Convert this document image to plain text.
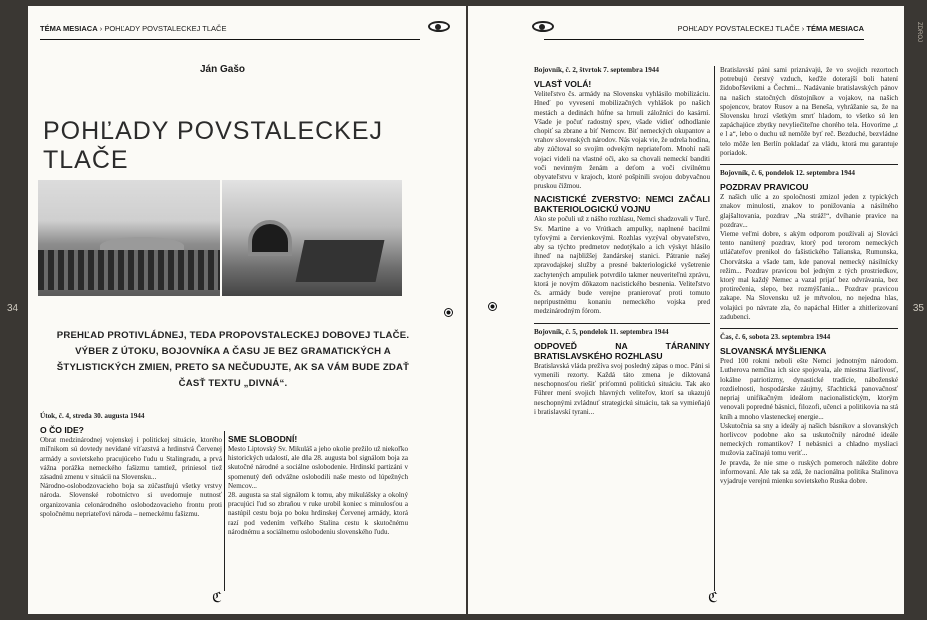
34	35
ZDROJ
TÉMA MESIACA › POHĽADY POVSTALECKEJ TLAČE
Ján Gašo
POHĽADY POVSTALECKEJ TLAČE
PREHĽAD PROTIVLÁDNEJ, TEDA PROPOVSTALECKEJ DOBOVEJ TLAČE. VÝBER Z ÚTOKU, BOJOVNÍKA A ČASU JE BEZ GRAMATICKÝCH A ŠTYLISTICKÝCH ZMIEN, PRETO SA NEČUDUJTE, AK SA VÁM BUDE ZDAŤ ČASŤ TEXTU „DIVNÁ“.
Útok, č. 4, streda 30. augusta 1944
O ČO IDE?

Obrat medzinárodnej vojenskej i politickej situácie, ktorého míľnikom sú dovtedy nevídané víťazstvá a hrdinstvá Červenej armády a sovietskeho pracujúceho ľudu u Stalingradu, a prvá vážna porážka nemeckého fašizmu tamtiež, priniesol tiež zásadnú zmenu v situácii na Slovensku...

Národno-oslobodzovacieho boja sa zúčastňujú všetky vrstvy národa. Slovenské robotníctvo si uvedomuje nutnosť organizovania celonárodného oslobodzovacieho frontu proti spoločnému nepriateľovi národa – nemeckému fašizmu.

SME SLOBODNÍ!

Mesto Liptovský Sv. Mikuláš a jeho okolie prežilo už niekoľko historických udalostí, ale dňa 28. augusta bol signálom boja za skutočné národné a sociálne oslobodenie. Hrdinskí partizáni v spomenutý deň odvážne oslobodili naše mesto od lúpežných Nemcov...

28. augusta sa stal signálom k tomu, aby mikulášsky a okolný pracujúci ľud so zbraňou v ruke urobil koniec s minulosťou a nastúpil cestu boja po boku hrdinskej Červenej armády, ktorá razí pod vedením veľkého Stalina cestu k skutočnému národnému a sociálnemu oslobodeniu slovenského ľudu.

ℭ
POHĽADY POVSTALECKEJ TLAČE › TÉMA MESIACA
Bojovník, č. 2, štvrtok 7. septembra 1944
VLASŤ VOLÁ!

Veliteľstvo čs. armády na Slovensku vyhlásilo mobilizáciu. Hneď po vyvesení mobilizačných vyhlášok po našich mestách a dedinách húfne sa hrnuli záložníci do kasární. Všade je počuť radostný spev, všade vidieť odhodlanie chopiť sa zbrane a biť Nemcov. Biť nemeckých okupantov a vrahov slovenských národov. Nás vojak vie, že udrela hodina, aby zúčtoval so svojím odvekým nepriateľom. Mnohí naši vojaci videli na vlastné oči, ako sa chovali nemeckí banditi voči nevinným ženám a deťom a voči civilnému obyvateľstvu v krajoch, ktoré pošpinili svojou dobyvačnou pruskou čižmou.

NACISTICKÉ ZVERSTVO: NEMCI ZAČALI BAKTERIOLOGICKÚ VOJNU

Ako ste počuli už z nášho rozhlasu, Nemci shadzovali v Turč. Sv. Martine a vo Vrútkach ampulky, naplnené bacilmi tyfovými a červienkovými. Rozhlas vyzýval obyvateľstvo, aby sa týchto predmetov nedotýkalo a ich výskyt hlásilo ihneď na najbližšej žandárskej stanici. Pátranie našej zpravodajskej služby a presné bakteriologické vyšetrenie zachytených ampuliek potvrdilo takmer neuveriteľnú zprávu, ktorá je novým dôkazom nacistického besnenia. Veliteľstvo čs. armády bude verejne pranierovať proti tomuto nepripustnému konaniu nemeckého vojska pred medzinárodným fórom.

Bojovník, č. 5, pondelok 11. septembra 1944
ODPOVEĎ NA TÁRANINY BRATISLAVSKÉHO ROZHLASU

Bratislavská vláda prežíva svoj posledný zápas o moc. Páni si vymenili rezorty. Každá táto zmena je diktovaná neschopnosťou riešiť priťomnú politickú situáciu. Tak ako Führer mení svojich hlavných veliteľov, ktorí sa ukazujú neschopnými zvládnuť strategickú situáciu, tak sa vymieňajú i bratislavskí tyrani...

Bratislavskí páni sami priznávajú, že vo svojich rezortoch potrebujú čerstvý vzduch, keďže doterajší boli hatení židoboľševikmi a Čechmi... Nadávanie bratislavských pánov na našich statočných dôstojníkov a vojakov, na našich spojencov, bratov Rusov a na Beneša, vyhrážanie sa, že na Slovensku hrozí všetkým smrť hladom, to všetko sú len zapáchajúce zbytky nevyliečiteľne chorého tela. Hovoríme „t e l a“, lebo o duchu už nemôže byť reč. Bezduché, bezvládne telo môže len Berlín pokladať za vládu, ktorá mu garantuje poriadok.

Bojovník, č. 6, pondelok 12. septembra 1944
POZDRAV PRAVICOU

Z našich ulíc a zo spoločnosti zmizol jeden z typických znakov minulosti, znakov to ponižovania a násilného glajšaltovania, pozdrav „Na stráž!“, dvíhanie pravice na pozdrav...

Vieme veľmi dobre, s akým odporom používali aj Slováci tento nanútený pozdrav, ktorý pod terorom nemeckých utláčateľov prenikol do fašistického Talianska, Rumunska, Chorvátska a všade tam, kde panoval nemecký násilnícky režim... Pozdrav pravicou bol jedným z tých prostriedkov, ktorý mal každý Nemec a vazal prijať bez odvrávania, bez protirečenia, slepo, bez rozmýšľania... Pozdrav pravicou zakape. Na Slovensku už je mŕtvolou, no nejedna hlas, volajúci po návrate zla, čo napáchal Hitler a zhitlerizovaní zadubenci.

Čas, č. 6, sobota 23. septembra 1944
SLOVANSKÁ MYŠLIENKA

Pred 100 rokmi neboli ešte Nemci jednotným národom. Lutherova nemčina ich sice spojovala, ale miestna žiarlivosť, lokálne patriotizmy, dynastické tradície, náboženské rozdielnosti, hospodárske záujmy, šľachtická panovačnosť nepriaj unifikačným ideálom nacionalistickým, ktorým venovali popredné básnici, filozofi, učenci a politikovia na stá kníh a mnoho vlasteneckej energie...

Uskutočnia sa sny a ideály aj našich básnikov a slovanských horlivcov podobne ako sa uskutočnily národné ideále nemeckých romantikov? I nebásnici a chladno mysliaci mužovia začínajú tomu veriť...

Je pravda, že nie sme o ruských pomeroch náležite dobre informovaní. Ale tak sa zdá, že nacionálna politika Stalinova vyjadruje verejnú mienku sovietskeho Ruska dobre.

ℭ
